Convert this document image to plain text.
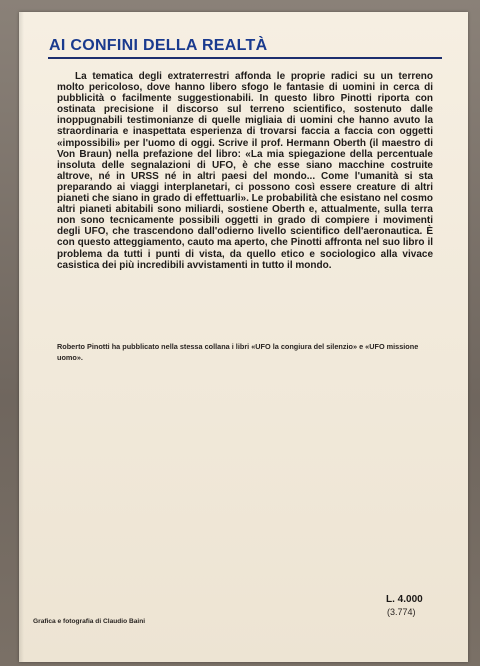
AI CONFINI DELLA REALTÀ

La tematica degli extraterrestri affonda le proprie radici su un terreno molto pericoloso, dove hanno libero sfogo le fantasie di uomini in cerca di pubblicità o facilmente suggestionabili. In questo libro Pinotti riporta con ostinata precisione il discorso sul terreno scientifico, sostenuto dalle inoppugnabili testimonianze di quelle migliaia di uomini che hanno avuto la straordinaria e inaspettata esperienza di trovarsi faccia a faccia con oggetti «impossibili» per l'uomo di oggi. Scrive il prof. Hermann Oberth (il maestro di Von Braun) nella prefazione del libro: «La mia spiegazione della percentuale insoluta delle segnalazioni di UFO, è che esse siano macchine costruite altrove, né in URSS né in altri paesi del mondo... Come l'umanità si sta preparando ai viaggi interplanetari, ci possono così essere creature di altri pianeti che siano in grado di effettuarli». Le probabilità che esistano nel cosmo altri pianeti abitabili sono miliardi, sostiene Oberth e, attualmente, sulla terra non sono tecnicamente possibili oggetti in grado di compiere i movimenti degli UFO, che trascendono dall'odierno livello scientifico dell'aeronautica. È con questo atteggiamento, cauto ma aperto, che Pinotti affronta nel suo libro il problema da tutti i punti di vista, da quello etico e sociologico alla vivace casistica dei più incredibili avvistamenti in tutto il mondo.

Roberto Pinotti ha pubblicato nella stessa collana i libri «UFO la congiura del silenzio» e «UFO missione uomo».

L. 4.000

(3.774)

Grafica e fotografia di Claudio Baini
